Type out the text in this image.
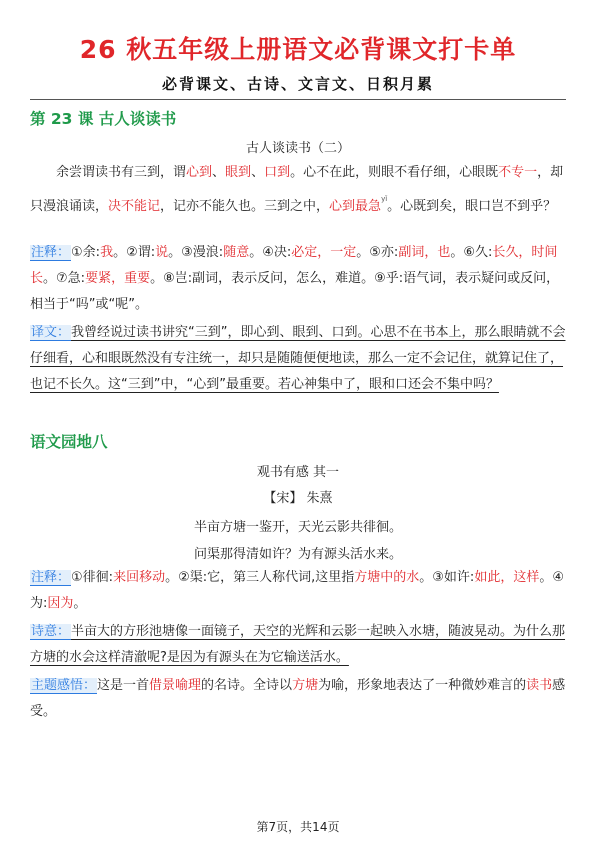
26 秋五年级上册语文必背课文打卡单
必背课文、古诗、文言文、日积月累
第 23 课 古人谈读书
古人谈读书（二）
余尝谓读书有三到，谓心到、眼到、口到。心不在此，则眼不看仔细，心眼既不专一，却只漫浪诵读，决不能记，记亦不能久也。三到之中，心到最急$^{yǐ}$。心既到矣，眼口岂不到乎？
注释：①余:我。②谓:说。③漫浪:随意。④决:必定，一定。⑤亦:副词，也。⑥久:长久，时间长。⑦急:要紧，重要。⑧岂:副词，表示反问，怎么，难道。⑨乎:语气词，表示疑问或反问，相当于“吗”或“呢”。
译文：我曾经说过读书讲究“三到”，即心到、眼到、口到。心思不在书本上，那么眼睛就不会仔细看，心和眼既然没有专注统一，却只是随随便便地读，那么一定不会记住，就算记住了，也记不长久。这“三到”中，“心到”最重要。若心神集中了，眼和口还会不集中吗？
语文园地八
观书有感 其一
【宋】 朱熹
半亩方塘一鉴开，天光云影共徘徊。
问渠那得清如许？为有源头活水来。
注释：①徘徊:来回移动。②渠:它，第三人称代词,这里指方塘中的水。③如许:如此，这样。④为:因为。
诗意：半亩大的方形池塘像一面镜子，天空的光辉和云影一起映入水塘，随波晃动。为什么那方塘的水会这样清澈呢?是因为有源头在为它输送活水。
主题感悟：这是一首借景喻理的名诗。全诗以方塘为喻，形象地表达了一种微妙难言的读书感受。
第7页，共14页
